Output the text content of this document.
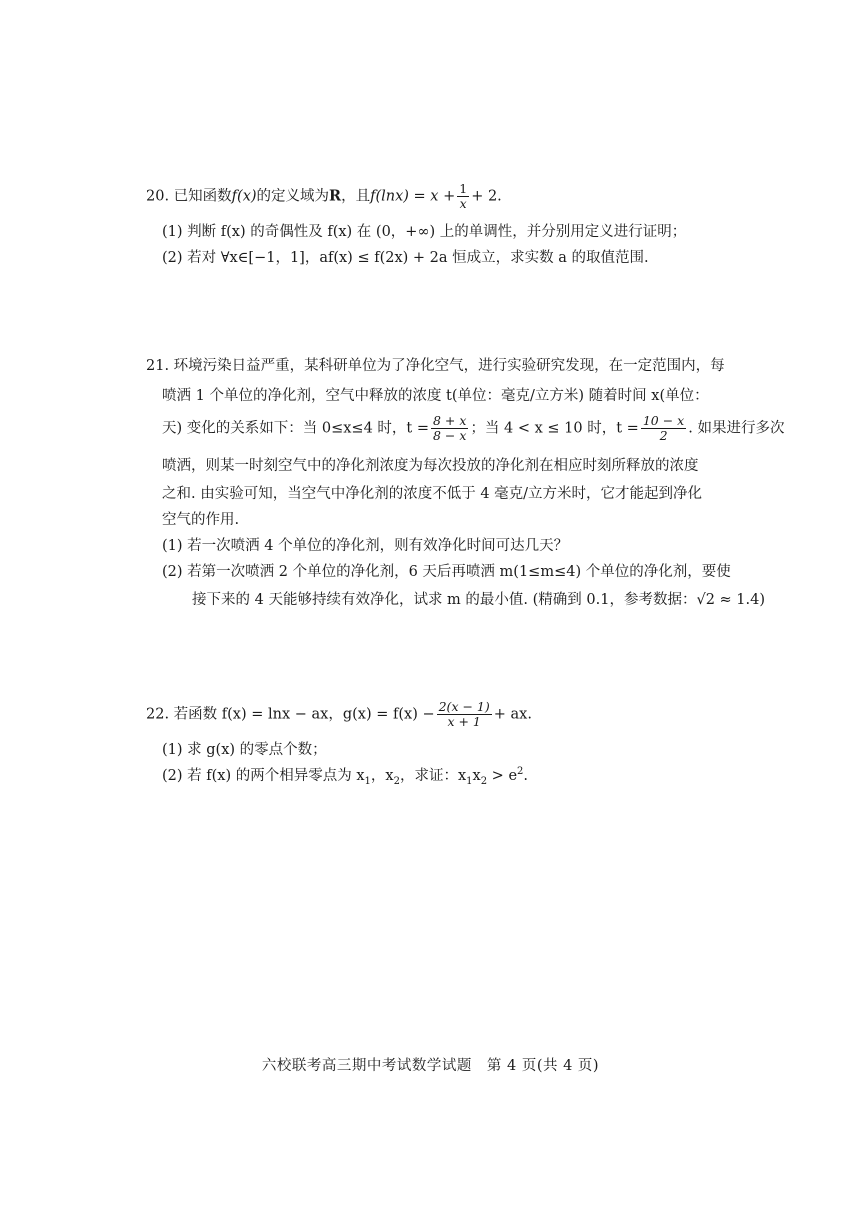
20. 已知函数f(x)的定义域为R，且$f(\ln x) = x + \frac{1}{x} + 2$.
(1) 判断 f(x) 的奇偶性及 f(x) 在 (0，+∞) 上的单调性，并分别用定义进行证明；
(2) 若对 ∀x∈[−1，1]，af(x) ≤ f(2x) + 2a 恒成立，求实数 a 的取值范围.
21. 环境污染日益严重，某科研单位为了净化空气，进行实验研究发现，在一定范围内，每
喷洒 1 个单位的净化剂，空气中释放的浓度 t(单位：毫克/立方米) 随着时间 x(单位：
天) 变化的关系如下：当 0≤x≤4 时，$t = \frac{8 + x}{8 - x}$ ；当 4 < x ≤ 10 时，$t = \frac{10 - x}{2}$ . 如果进行多次
喷洒，则某一时刻空气中的净化剂浓度为每次投放的净化剂在相应时刻所释放的浓度
之和. 由实验可知，当空气中净化剂的浓度不低于 4 毫克/立方米时，它才能起到净化
空气的作用.
(1) 若一次喷洒 4 个单位的净化剂，则有效净化时间可达几天？
(2) 若第一次喷洒 2 个单位的净化剂，6 天后再喷洒 m(1≤m≤4) 个单位的净化剂，要使
接下来的 4 天能够持续有效净化，试求 m 的最小值. (精确到 0.1，参考数据：√2 ≈ 1.4)
22. 若函数 f(x) = lnx − ax，$g(x) = f(x) - \frac{2(x - 1)}{x + 1}$ + ax.
(1) 求 g(x) 的零点个数；
(2) 若 f(x) 的两个相异零点为 $x_1$，$x_2$，求证：$x_1x_2 > e^2$.
六校联考高三期中考试数学试题　第 4 页(共 4 页)
